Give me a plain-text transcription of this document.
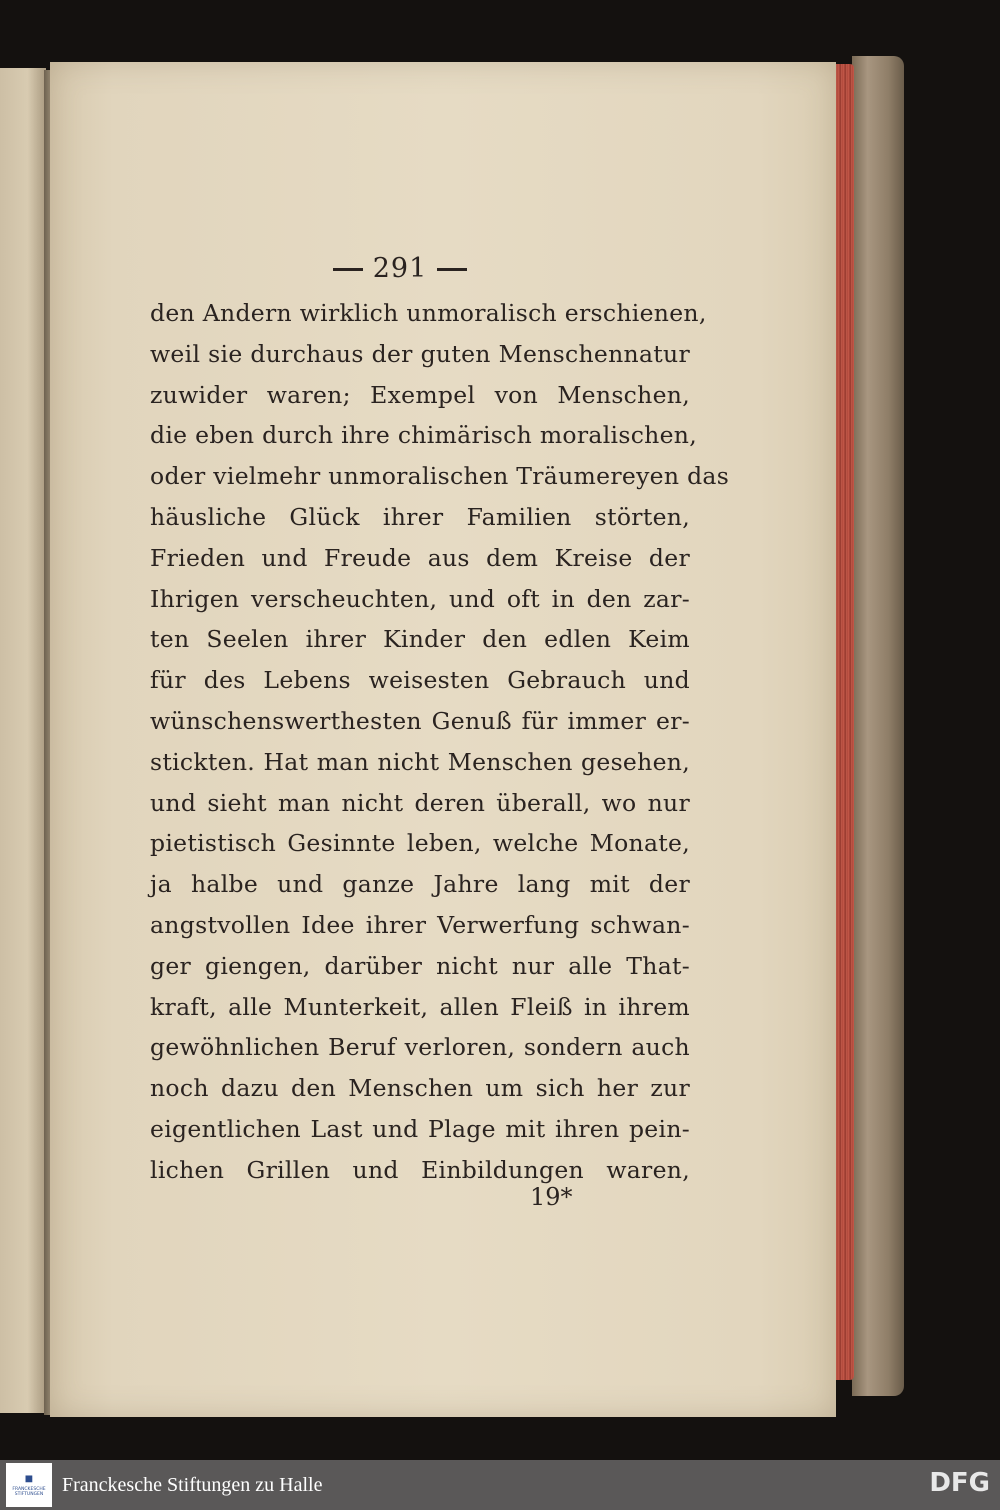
291
den Andern wirklich unmoralisch erschienen,
weil sie durchaus der guten Menschennatur
zuwider waren; Exempel von Menschen,
die eben durch ihre chimärisch moralischen,
oder vielmehr unmoralischen Träumereyen das
häusliche Glück ihrer Familien störten,
Frieden und Freude aus dem Kreise der
Ihrigen verscheuchten, und oft in den zar-
ten Seelen ihrer Kinder den edlen Keim
für des Lebens weisesten Gebrauch und
wünschenswerthesten Genuß für immer er-
stickten. Hat man nicht Menschen gesehen,
und sieht man nicht deren überall, wo nur
pietistisch Gesinnte leben, welche Monate,
ja halbe und ganze Jahre lang mit der
angstvollen Idee ihrer Verwerfung schwan-
ger giengen, darüber nicht nur alle That-
kraft, alle Munterkeit, allen Fleiß in ihrem
gewöhnlichen Beruf verloren, sondern auch
noch dazu den Menschen um sich her zur
eigentlichen Last und Plage mit ihren pein-
lichen Grillen und Einbildungen waren,
19*
■
FRANCKESCHE STIFTUNGEN Franckesche Stiftungen zu Halle	DFG
